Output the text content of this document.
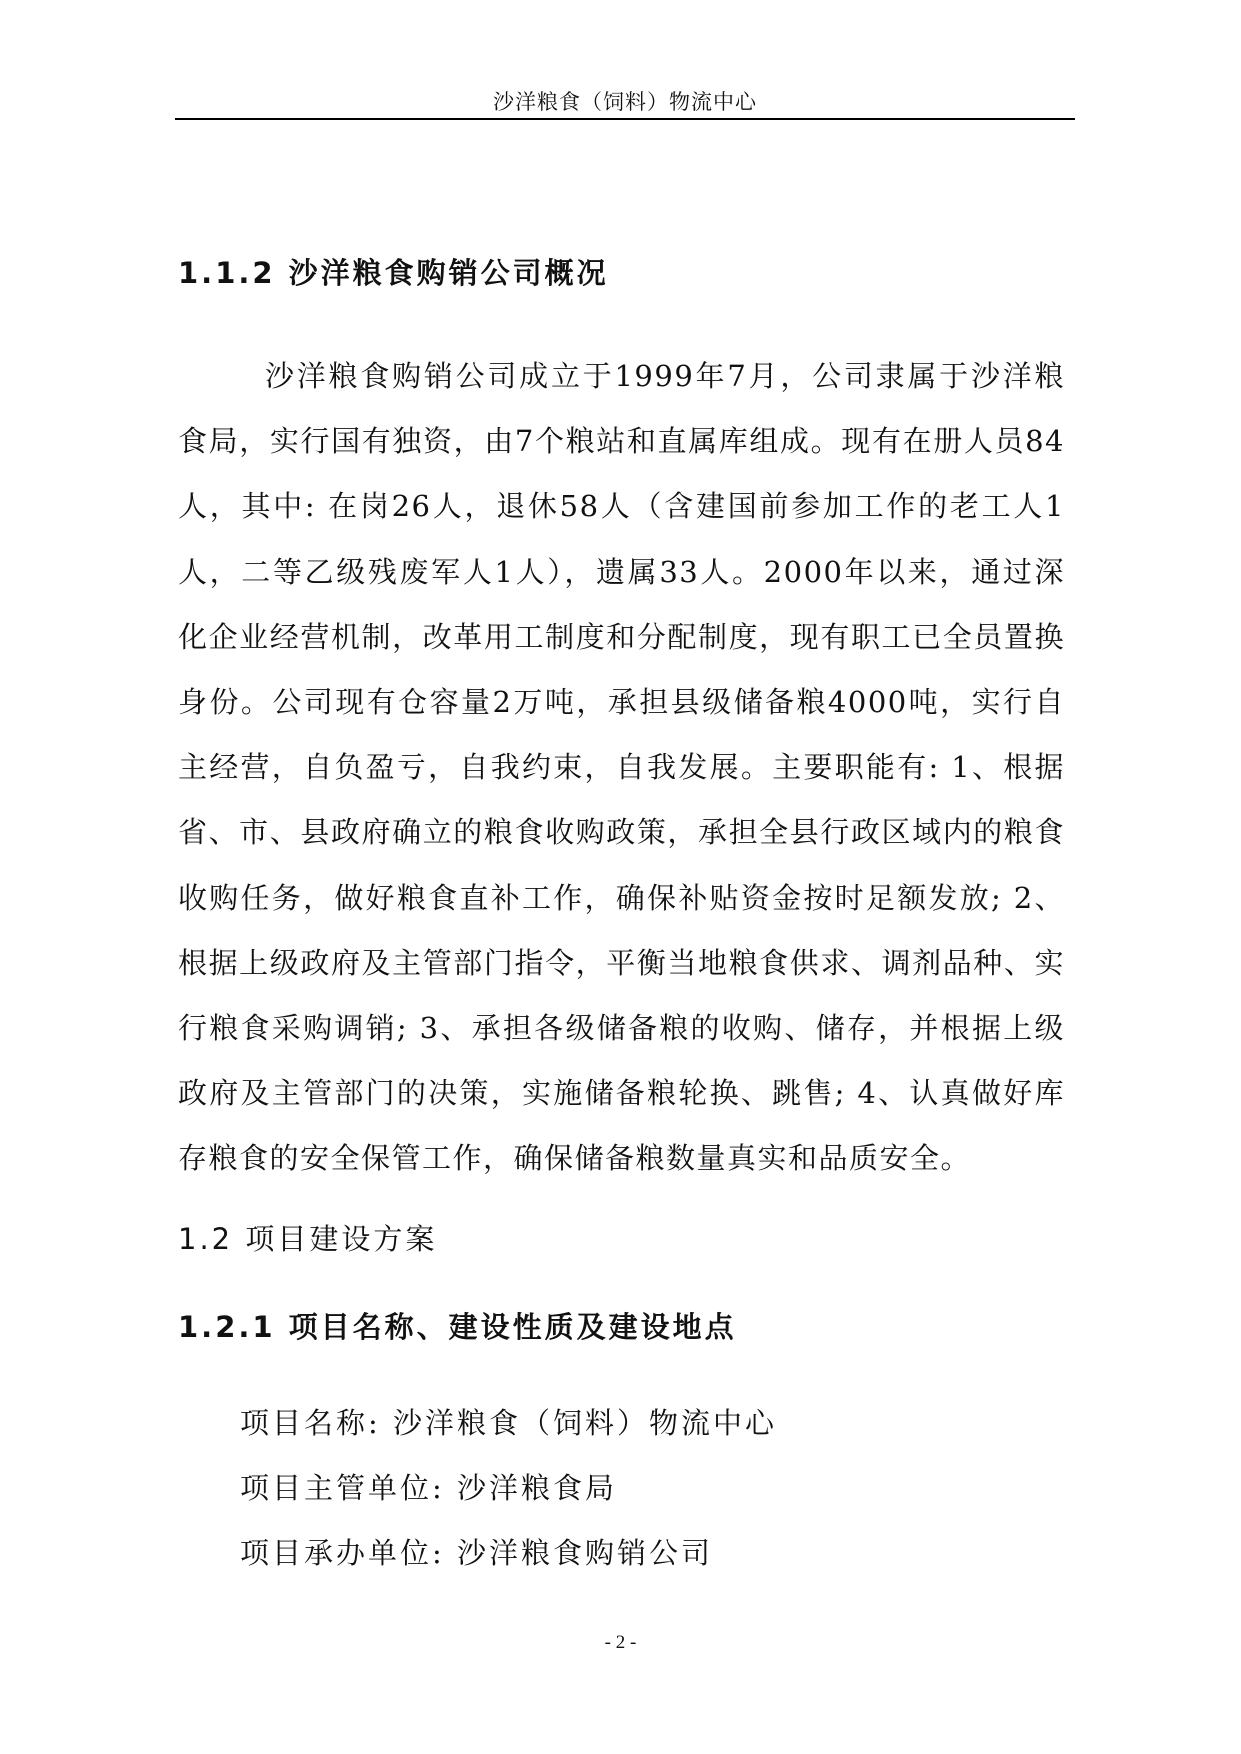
沙洋粮食（饲料）物流中心
1.1.2 沙洋粮食购销公司概况

沙洋粮食购销公司成立于1999年7月，公司隶属于沙洋粮食局，实行国有独资，由7个粮站和直属库组成。现有在册人员84人，其中: 在岗26人，退休58人（含建国前参加工作的老工人1人，二等乙级残废军人1人），遗属33人。2000年以来，通过深化企业经营机制，改革用工制度和分配制度，现有职工已全员置换身份。公司现有仓容量2万吨，承担县级储备粮4000吨，实行自主经营，自负盈亏，自我约束，自我发展。主要职能有: 1、根据省、市、县政府确立的粮食收购政策，承担全县行政区域内的粮食收购任务，做好粮食直补工作，确保补贴资金按时足额发放; 2、根据上级政府及主管部门指令，平衡当地粮食供求、调剂品种、实行粮食采购调销; 3、承担各级储备粮的收购、储存，并根据上级政府及主管部门的决策，实施储备粮轮换、跳售; 4、认真做好库存粮食的安全保管工作，确保储备粮数量真实和品质安全。

1.2 项目建设方案
1.2.1 项目名称、建设性质及建设地点
项目名称: 沙洋粮食（饲料）物流中心
项目主管单位: 沙洋粮食局
项目承办单位: 沙洋粮食购销公司
- 2 -
